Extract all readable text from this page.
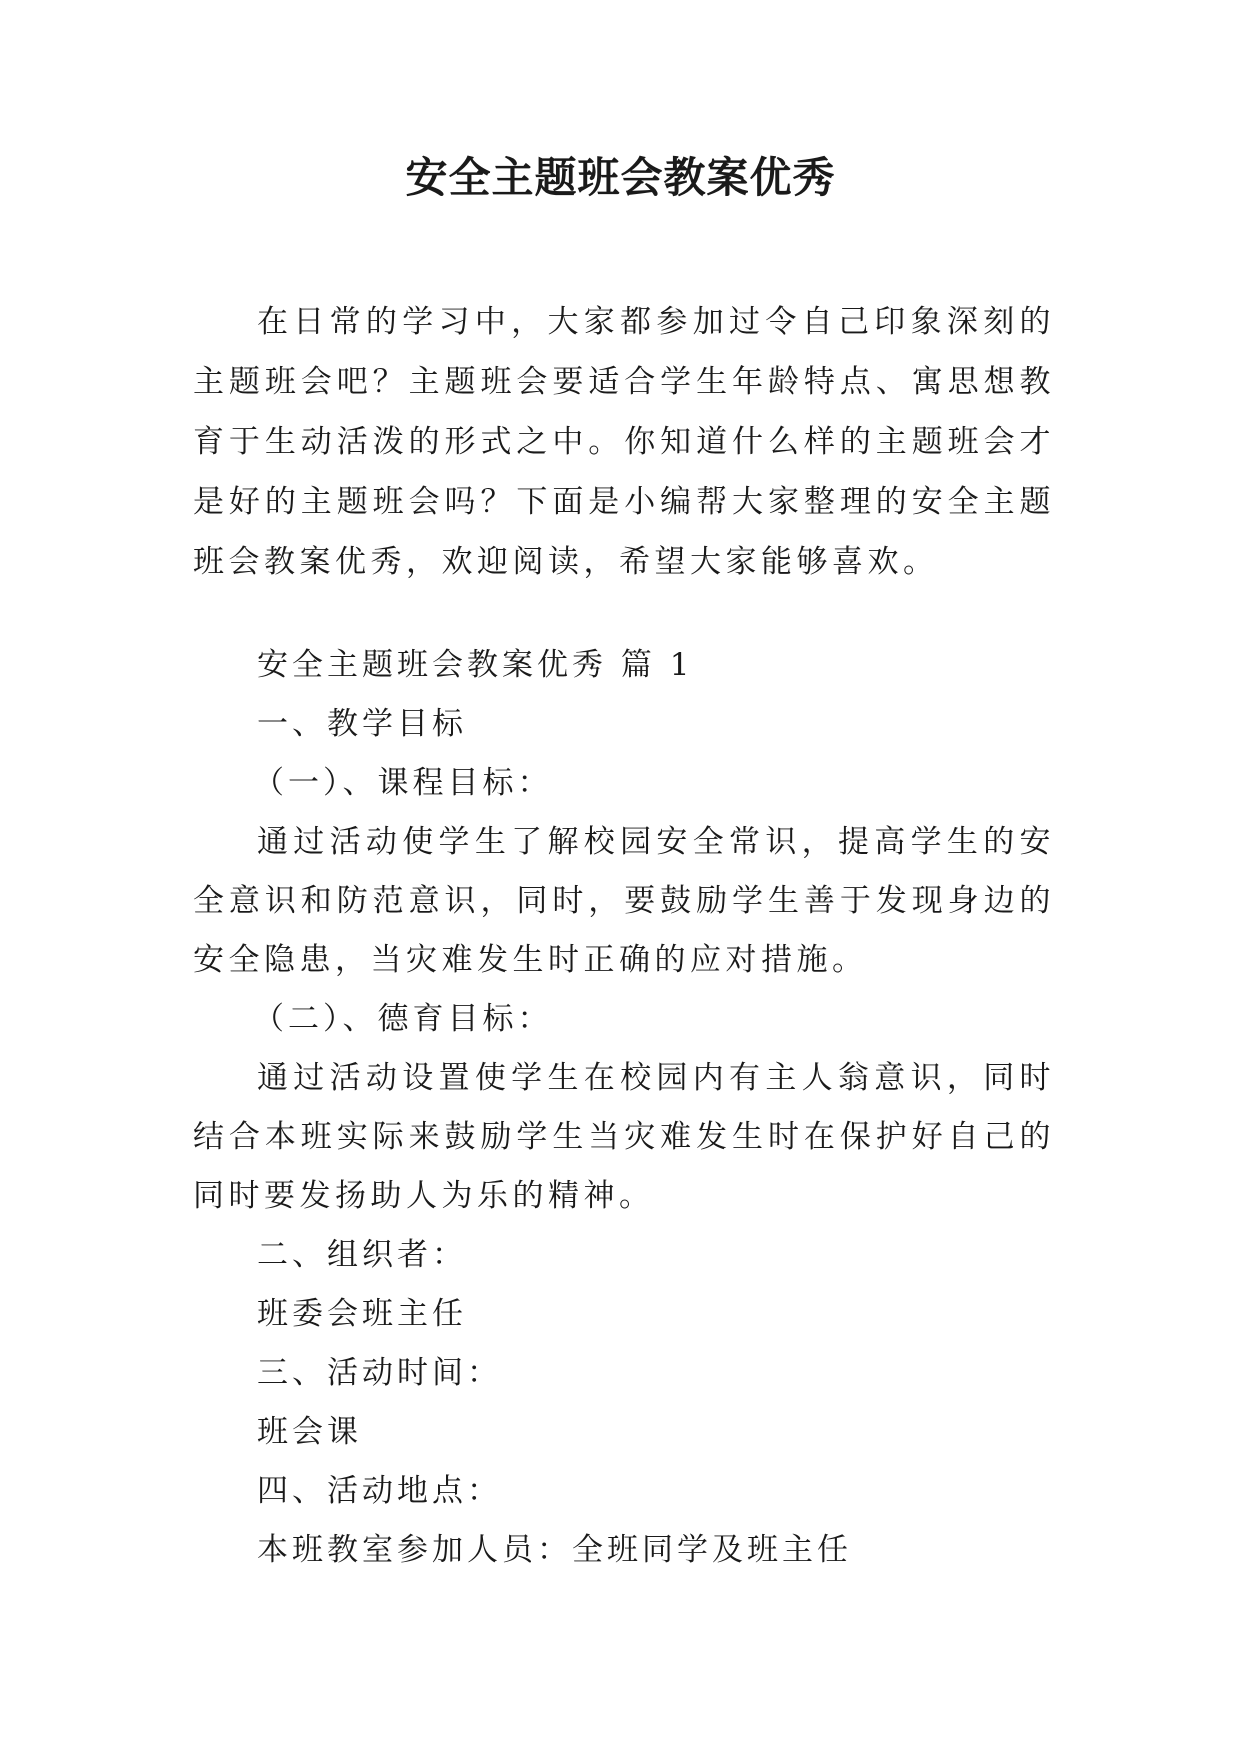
安全主题班会教案优秀

在日常的学习中，大家都参加过令自己印象深刻的主题班会吧？主题班会要适合学生年龄特点、寓思想教育于生动活泼的形式之中。你知道什么样的主题班会才是好的主题班会吗？下面是小编帮大家整理的安全主题班会教案优秀，欢迎阅读，希望大家能够喜欢。

安全主题班会教案优秀 篇 1

一、教学目标

（一）、课程目标：

通过活动使学生了解校园安全常识，提高学生的安全意识和防范意识，同时，要鼓励学生善于发现身边的安全隐患，当灾难发生时正确的应对措施。

（二）、德育目标：

通过活动设置使学生在校园内有主人翁意识，同时结合本班实际来鼓励学生当灾难发生时在保护好自己的同时要发扬助人为乐的精神。

二、组织者：

班委会班主任

三、活动时间：

班会课

四、活动地点：

本班教室参加人员：全班同学及班主任
